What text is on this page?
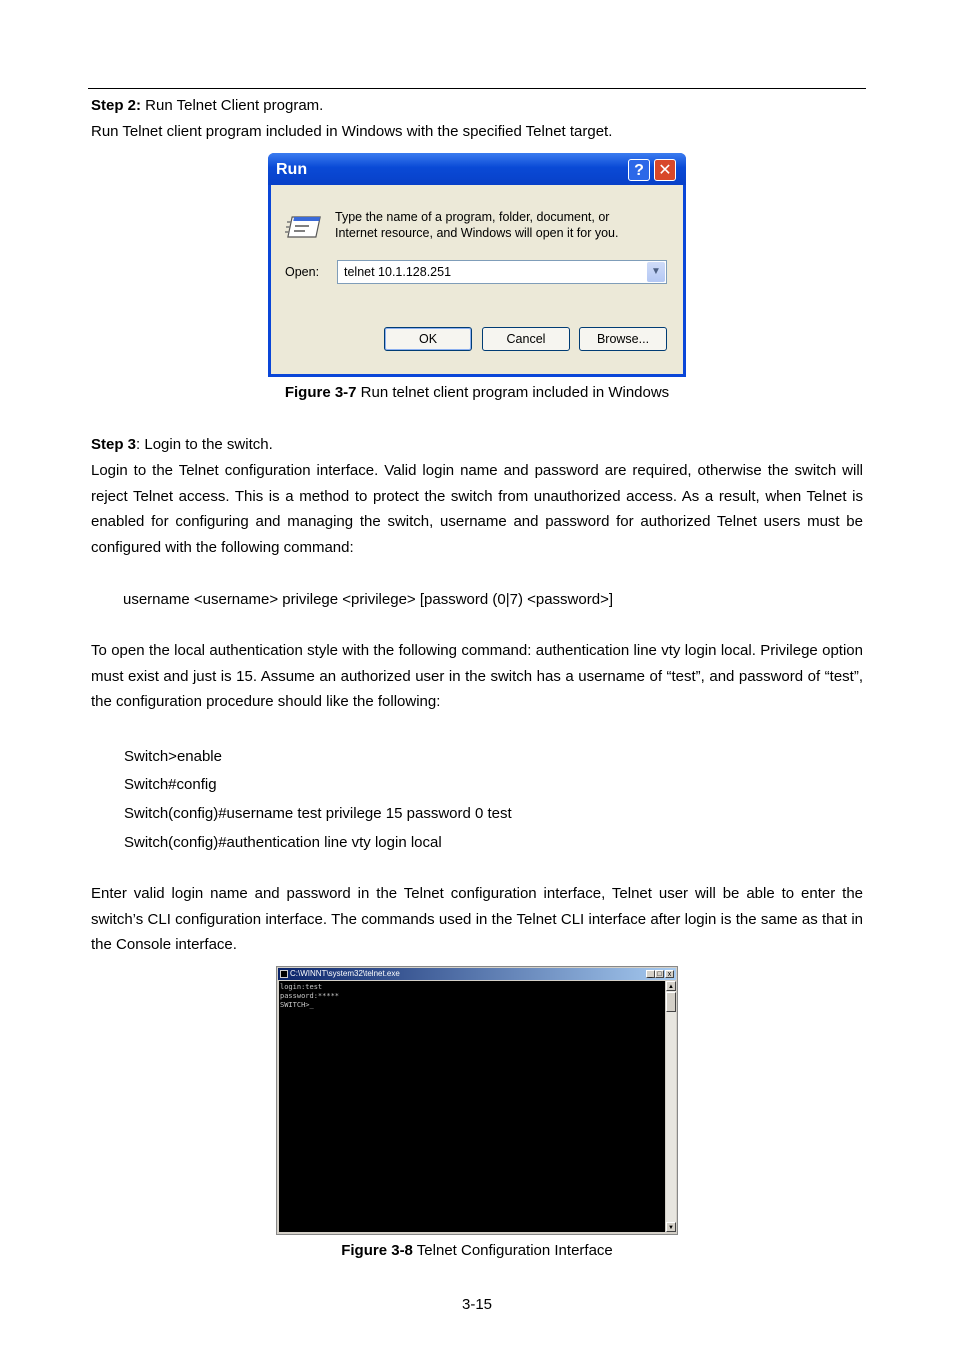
Step 2: Run Telnet Client program.
Run Telnet client program included in Windows with the specified Telnet target.
Run	? ✕
Type the name of a program, folder, document, or
Internet resource, and Windows will open it for you.
Open: telnet 10.1.128.251	▼
OK	Cancel	Browse...
Figure 3-7 Run telnet client program included in Windows
Step 3: Login to the switch.
Login to the Telnet configuration interface. Valid login name and password are required, otherwise the switch will reject Telnet access. This is a method to protect the switch from unauthorized access. As a result, when Telnet is enabled for configuring and managing the switch, username and password for authorized Telnet users must be configured with the following command:
username <username> privilege <privilege> [password (0|7) <password>]
To open the local authentication style with the following command: authentication line vty login local. Privilege option must exist and just is 15. Assume an authorized user in the switch has a username of “test”, and password of “test”, the configuration procedure should like the following:
Switch>enable
Switch#config
Switch(config)#username test privilege 15 password 0 test
Switch(config)#authentication line vty login local
Enter valid login name and password in the Telnet configuration interface, Telnet user will be able to enter the switch’s CLI configuration interface. The commands used in the Telnet CLI interface after login is the same as that in the Console interface.
C:\WINNT\system32\telnet.exe	_ □ x
login:test
password:*****
SWITCH>_
▲
▼
Figure 3-8 Telnet Configuration Interface
3-15
